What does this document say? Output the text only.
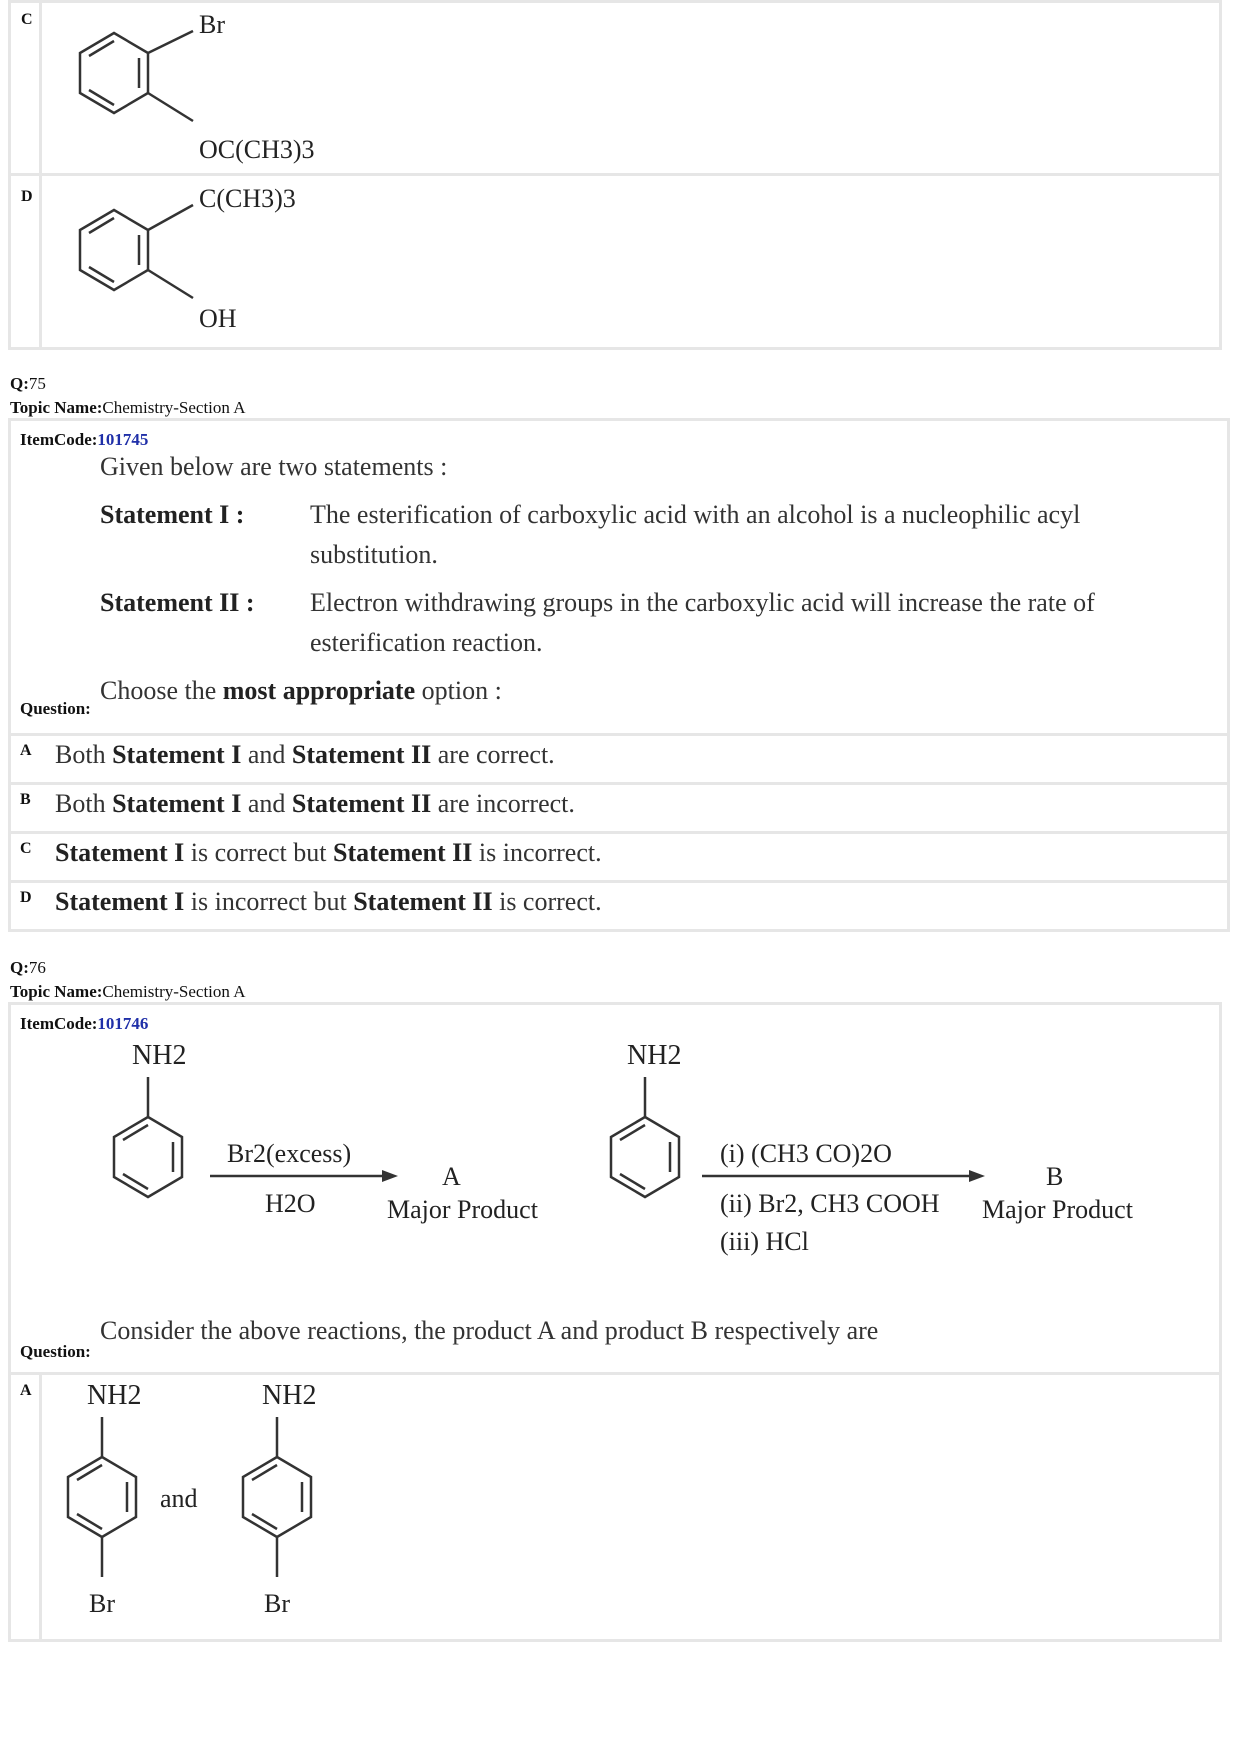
C
D
Br
OC(CH3)3
C(CH3)3
OH
Q:75
Topic Name:Chemistry-Section A
ItemCode:101745
Given below are two statements :
Statement I :	The esterification of carboxylic acid with an alcohol is a nucleophilic acyl
substitution.
Statement II : Electron withdrawing groups in the carboxylic acid will increase the rate of
esterification reaction.
Choose the most appropriate option :
Question:
A Both Statement I and Statement II are correct.
B Both Statement I and Statement II are incorrect.
C Statement I is correct but Statement II is incorrect.
D Statement I is incorrect but Statement II is correct.
Q:76
Topic Name:Chemistry-Section A
ItemCode:101746
NH2
Br2(excess)
H2O
A
Major Product
NH2
(i) (CH3 CO)2O
(ii) Br2, CH3 COOH
(iii) HCl
B
Major Product
Consider the above reactions, the product A and product B respectively are
Question:
A NH2
Br
and
NH2
Br
